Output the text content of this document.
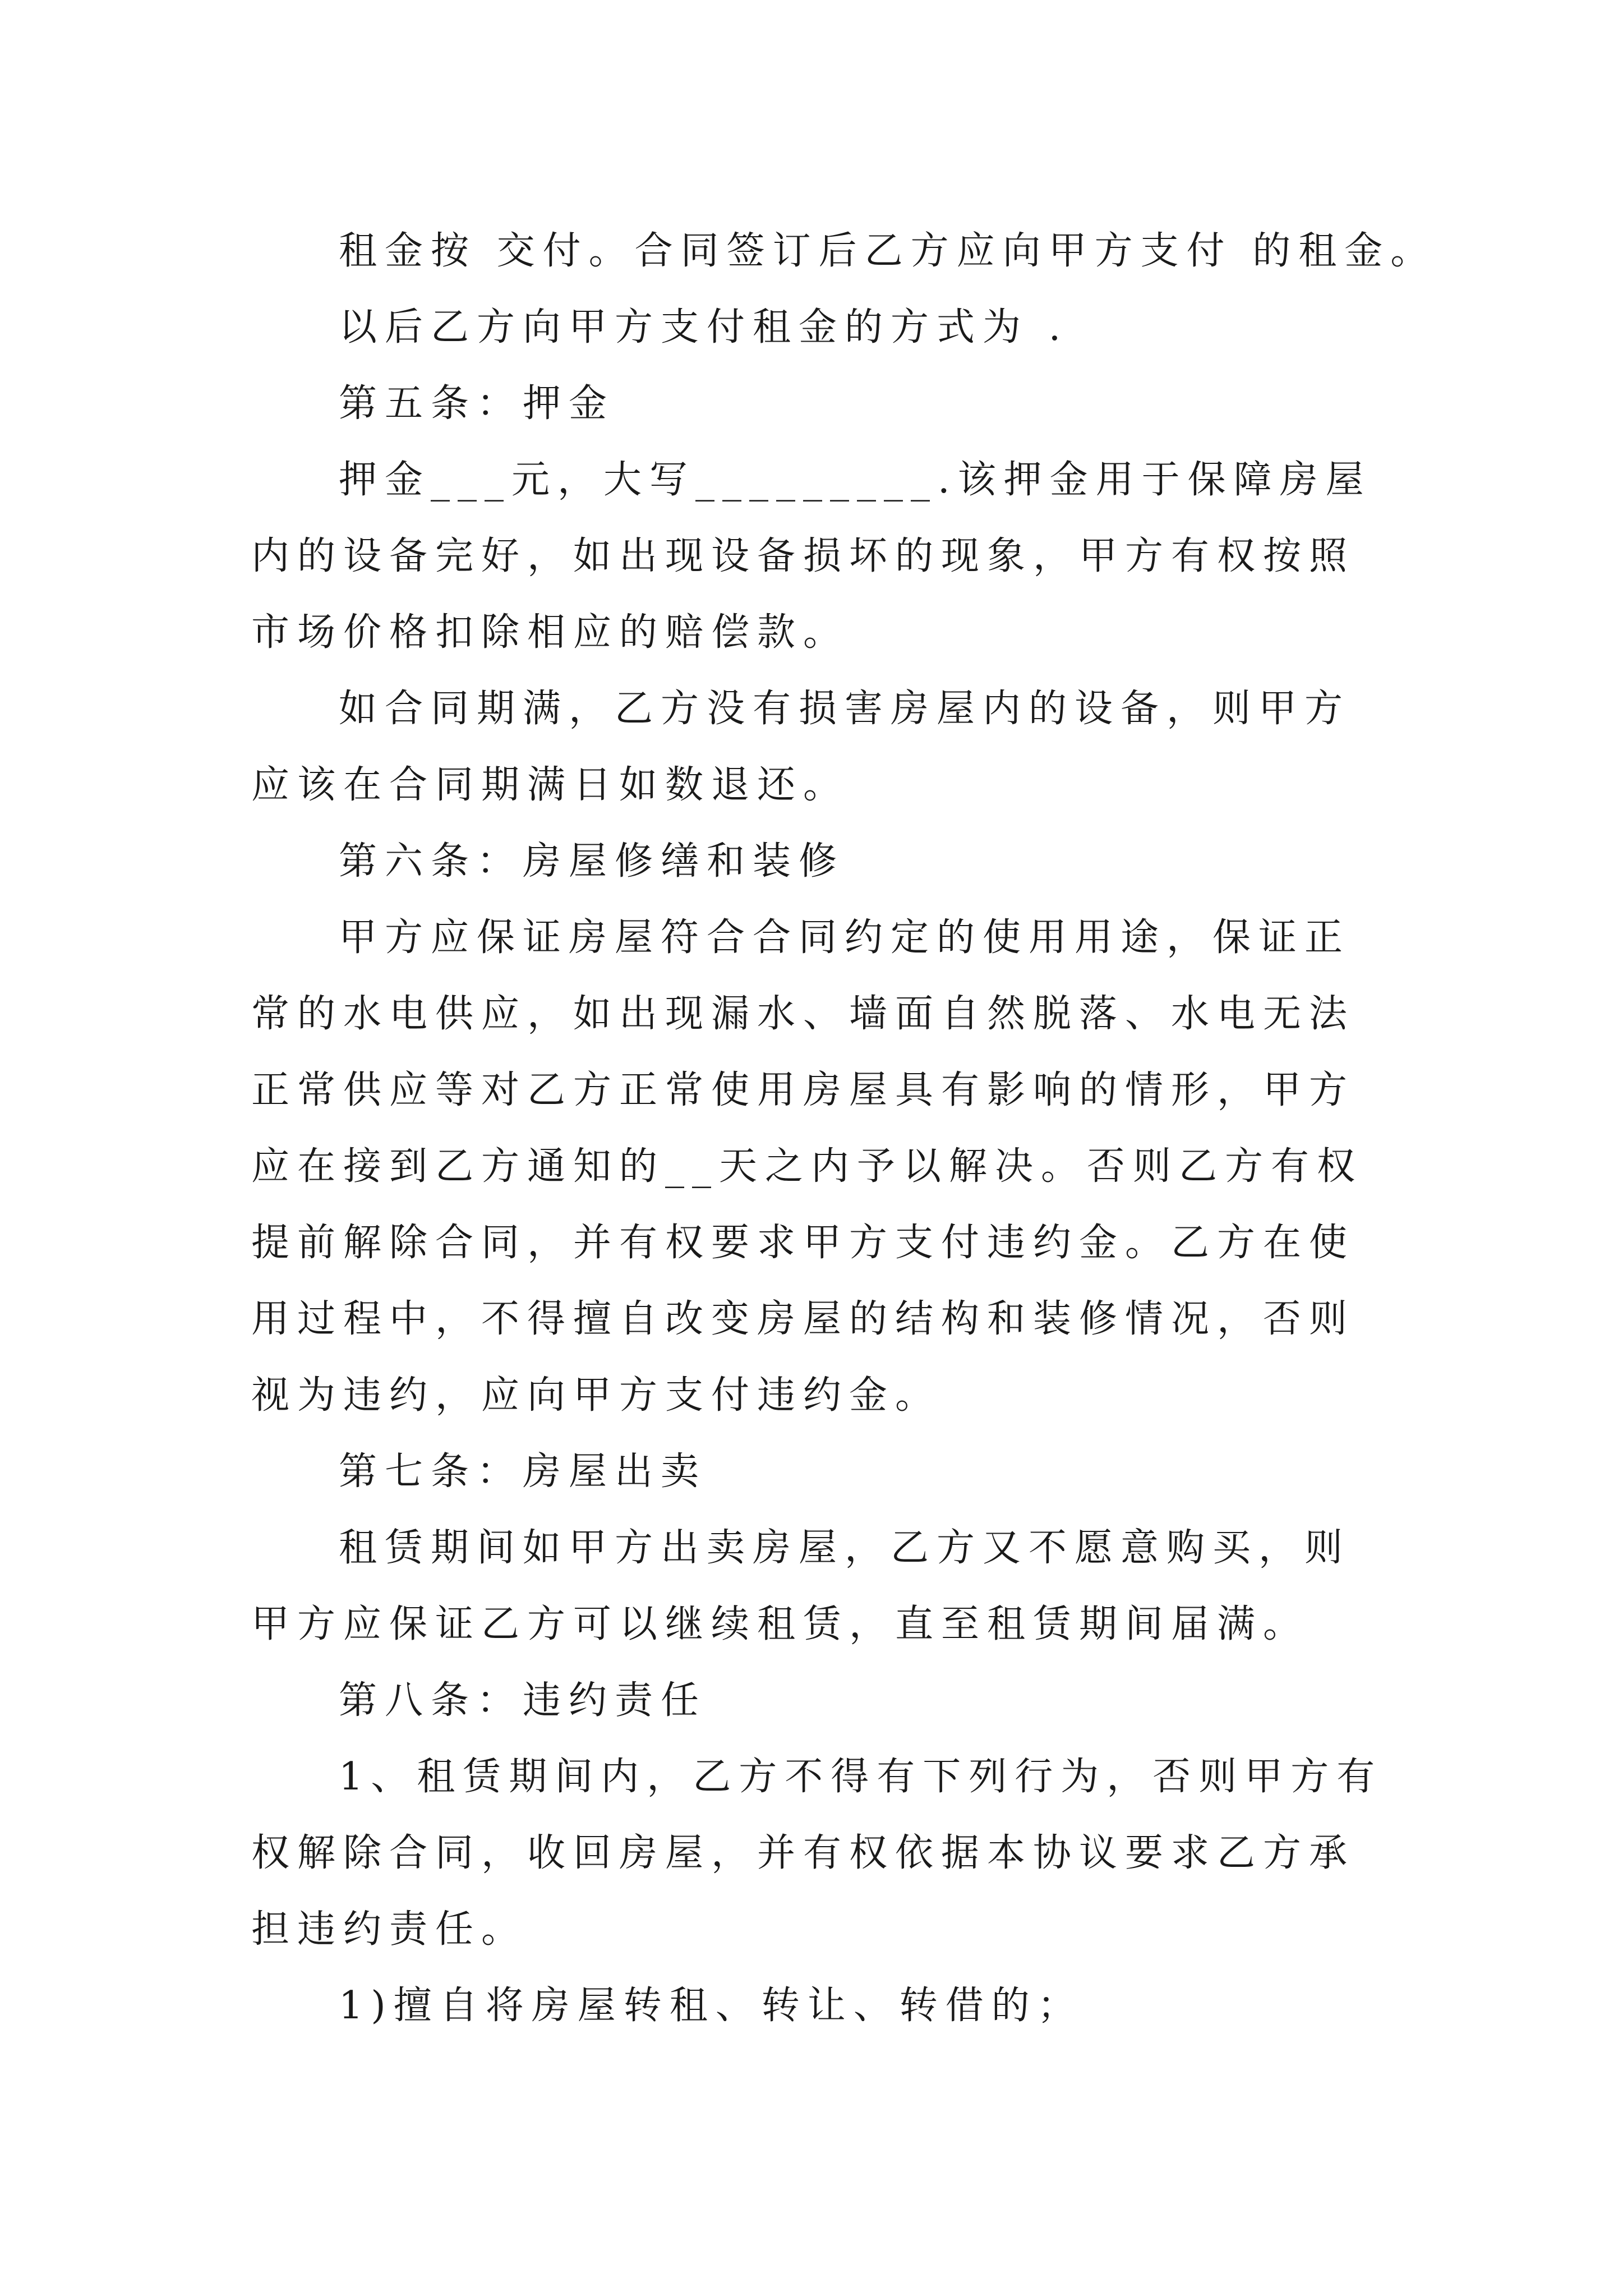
租金按 交付。合同签订后乙方应向甲方支付 的租金。

以后乙方向甲方支付租金的方式为 .

第五条：押金

押金___元，大写_________.该押金用于保障房屋内的设备完好，如出现设备损坏的现象，甲方有权按照市场价格扣除相应的赔偿款。

如合同期满，乙方没有损害房屋内的设备，则甲方应该在合同期满日如数退还。

第六条：房屋修缮和装修

甲方应保证房屋符合合同约定的使用用途，保证正常的水电供应，如出现漏水、墙面自然脱落、水电无法正常供应等对乙方正常使用房屋具有影响的情形，甲方应在接到乙方通知的__天之内予以解决。否则乙方有权提前解除合同，并有权要求甲方支付违约金。乙方在使用过程中，不得擅自改变房屋的结构和装修情况，否则视为违约，应向甲方支付违约金。

第七条：房屋出卖

租赁期间如甲方出卖房屋，乙方又不愿意购买，则甲方应保证乙方可以继续租赁，直至租赁期间届满。

第八条：违约责任

1、租赁期间内，乙方不得有下列行为，否则甲方有权解除合同，收回房屋，并有权依据本协议要求乙方承担违约责任。

1)擅自将房屋转租、转让、转借的；
